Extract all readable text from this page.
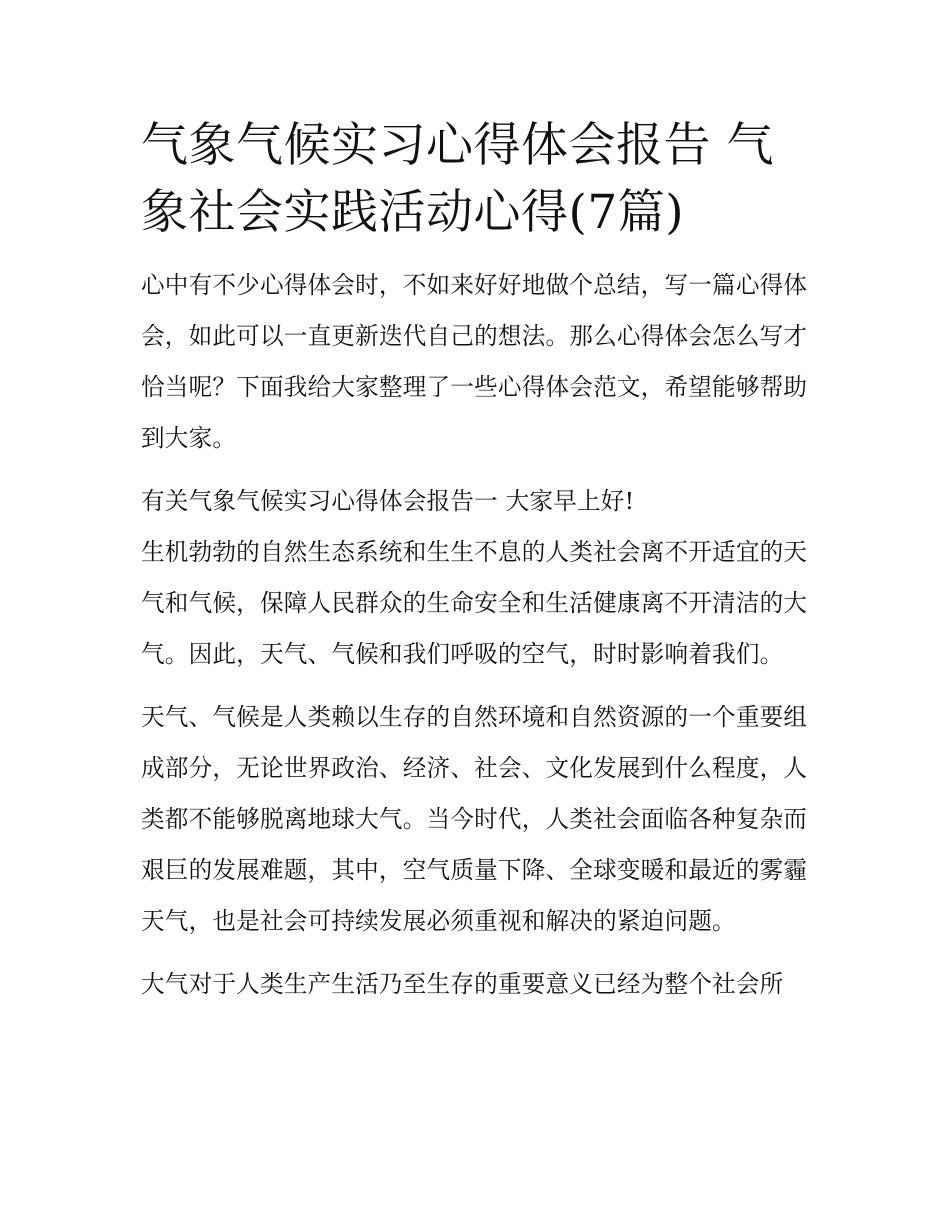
气象气候实习心得体会报告 气象社会实践活动心得(7篇)

心中有不少心得体会时，不如来好好地做个总结，写一篇心得体会，如此可以一直更新迭代自己的想法。那么心得体会怎么写才恰当呢？下面我给大家整理了一些心得体会范文，希望能够帮助到大家。

有关气象气候实习心得体会报告一 大家早上好!

生机勃勃的自然生态系统和生生不息的人类社会离不开适宜的天气和气候，保障人民群众的生命安全和生活健康离不开清洁的大气。因此，天气、气候和我们呼吸的空气，时时影响着我们。

天气、气候是人类赖以生存的自然环境和自然资源的一个重要组成部分，无论世界政治、经济、社会、文化发展到什么程度，人类都不能够脱离地球大气。当今时代，人类社会面临各种复杂而艰巨的发展难题，其中，空气质量下降、全球变暖和最近的雾霾天气，也是社会可持续发展必须重视和解决的紧迫问题。

大气对于人类生产生活乃至生存的重要意义已经为整个社会所
